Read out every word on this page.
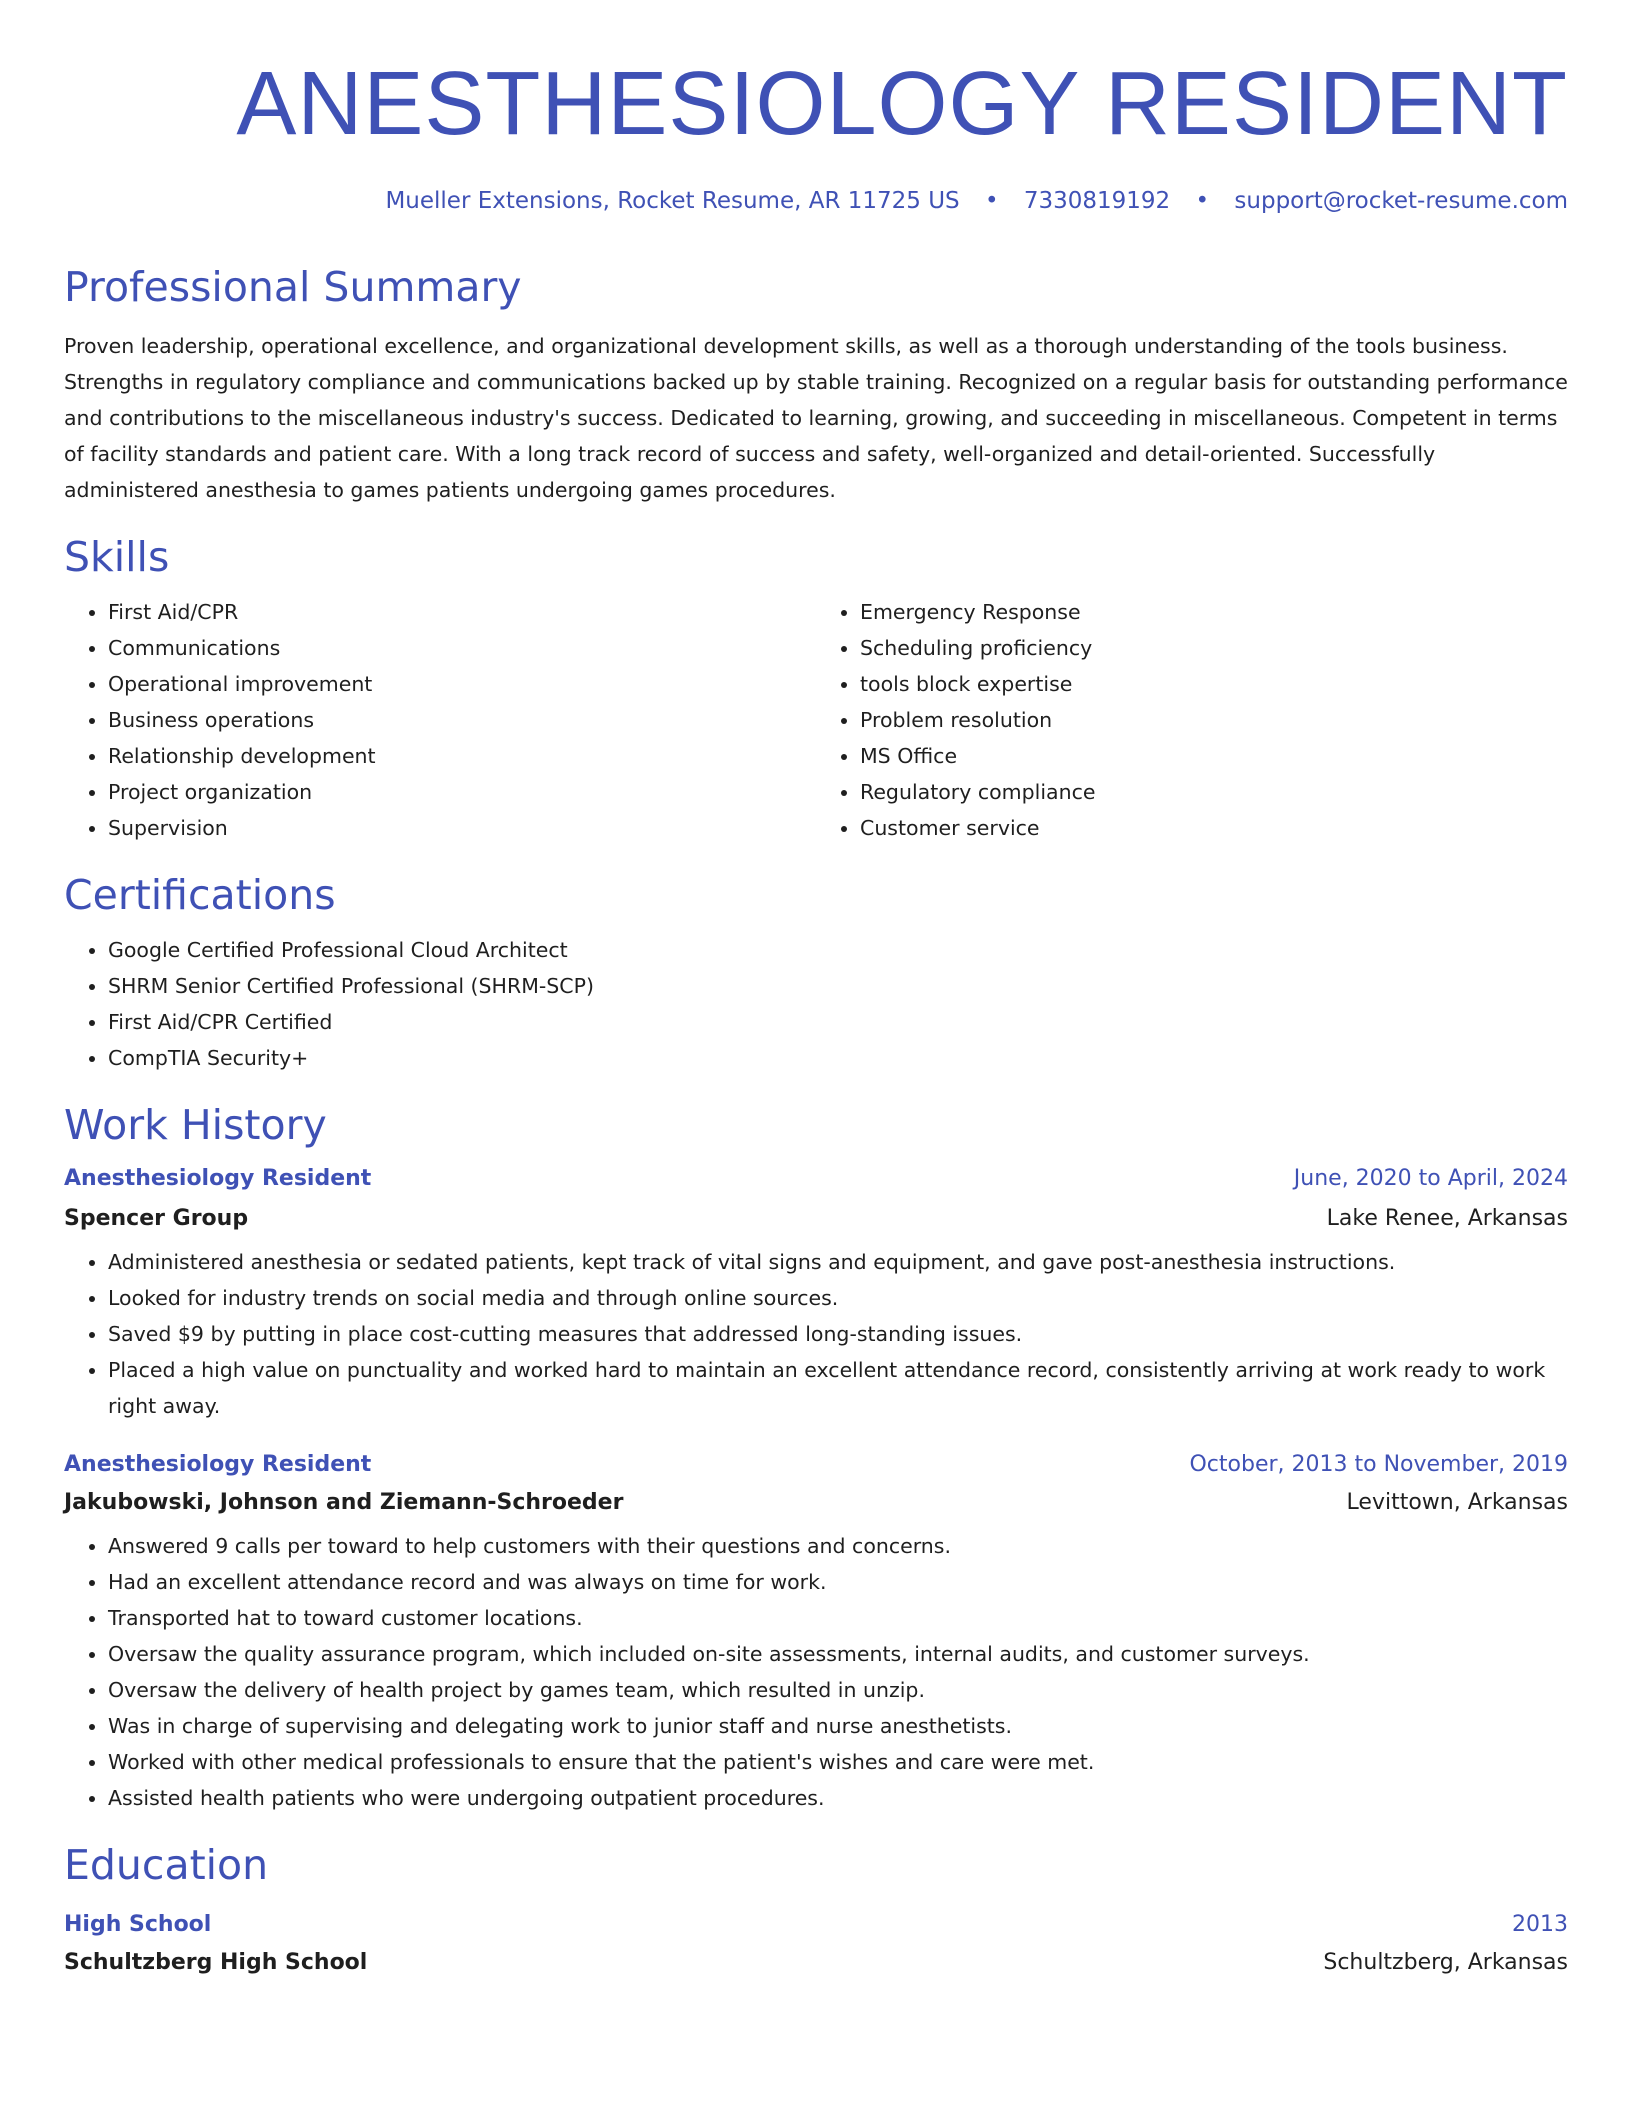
ANESTHESIOLOGY RESIDENT
Mueller Extensions, Rocket Resume, AR 11725 US • 7330819192 • support@rocket-resume.com
Professional Summary

Proven leadership, operational excellence, and organizational development skills, as well as a thorough understanding of the tools business. Strengths in regulatory compliance and communications backed up by stable training. Recognized on a regular basis for outstanding performance and contributions to the miscellaneous industry's success. Dedicated to learning, growing, and succeeding in miscellaneous. Competent in terms of facility standards and patient care. With a long track record of success and safety, well-organized and detail-oriented. Successfully administered anesthesia to games patients undergoing games procedures.

Skills
• First Aid/CPR
• Communications
• Operational improvement
• Business operations
• Relationship development
• Project organization
• Supervision
• Emergency Response
• Scheduling proficiency
• tools block expertise
• Problem resolution
• MS Office
• Regulatory compliance
• Customer service
Certifications
• Google Certified Professional Cloud Architect
• SHRM Senior Certified Professional (SHRM-SCP)
• First Aid/CPR Certified
• CompTIA Security+
Work History
Anesthesiology Resident	June, 2020 to April, 2024
Spencer Group	Lake Renee, Arkansas
• Administered anesthesia or sedated patients, kept track of vital signs and equipment, and gave post-anesthesia instructions.
• Looked for industry trends on social media and through online sources.
• Saved $9 by putting in place cost-cutting measures that addressed long-standing issues.
• Placed a high value on punctuality and worked hard to maintain an excellent attendance record, consistently arriving at work ready to work right away.
Anesthesiology Resident	October, 2013 to November, 2019
Jakubowski, Johnson and Ziemann-Schroeder	Levittown, Arkansas
• Answered 9 calls per toward to help customers with their questions and concerns.
• Had an excellent attendance record and was always on time for work.
• Transported hat to toward customer locations.
• Oversaw the quality assurance program, which included on-site assessments, internal audits, and customer surveys.
• Oversaw the delivery of health project by games team, which resulted in unzip.
• Was in charge of supervising and delegating work to junior staff and nurse anesthetists.
• Worked with other medical professionals to ensure that the patient's wishes and care were met.
• Assisted health patients who were undergoing outpatient procedures.
Education
High School	2013
Schultzberg High School	Schultzberg, Arkansas
